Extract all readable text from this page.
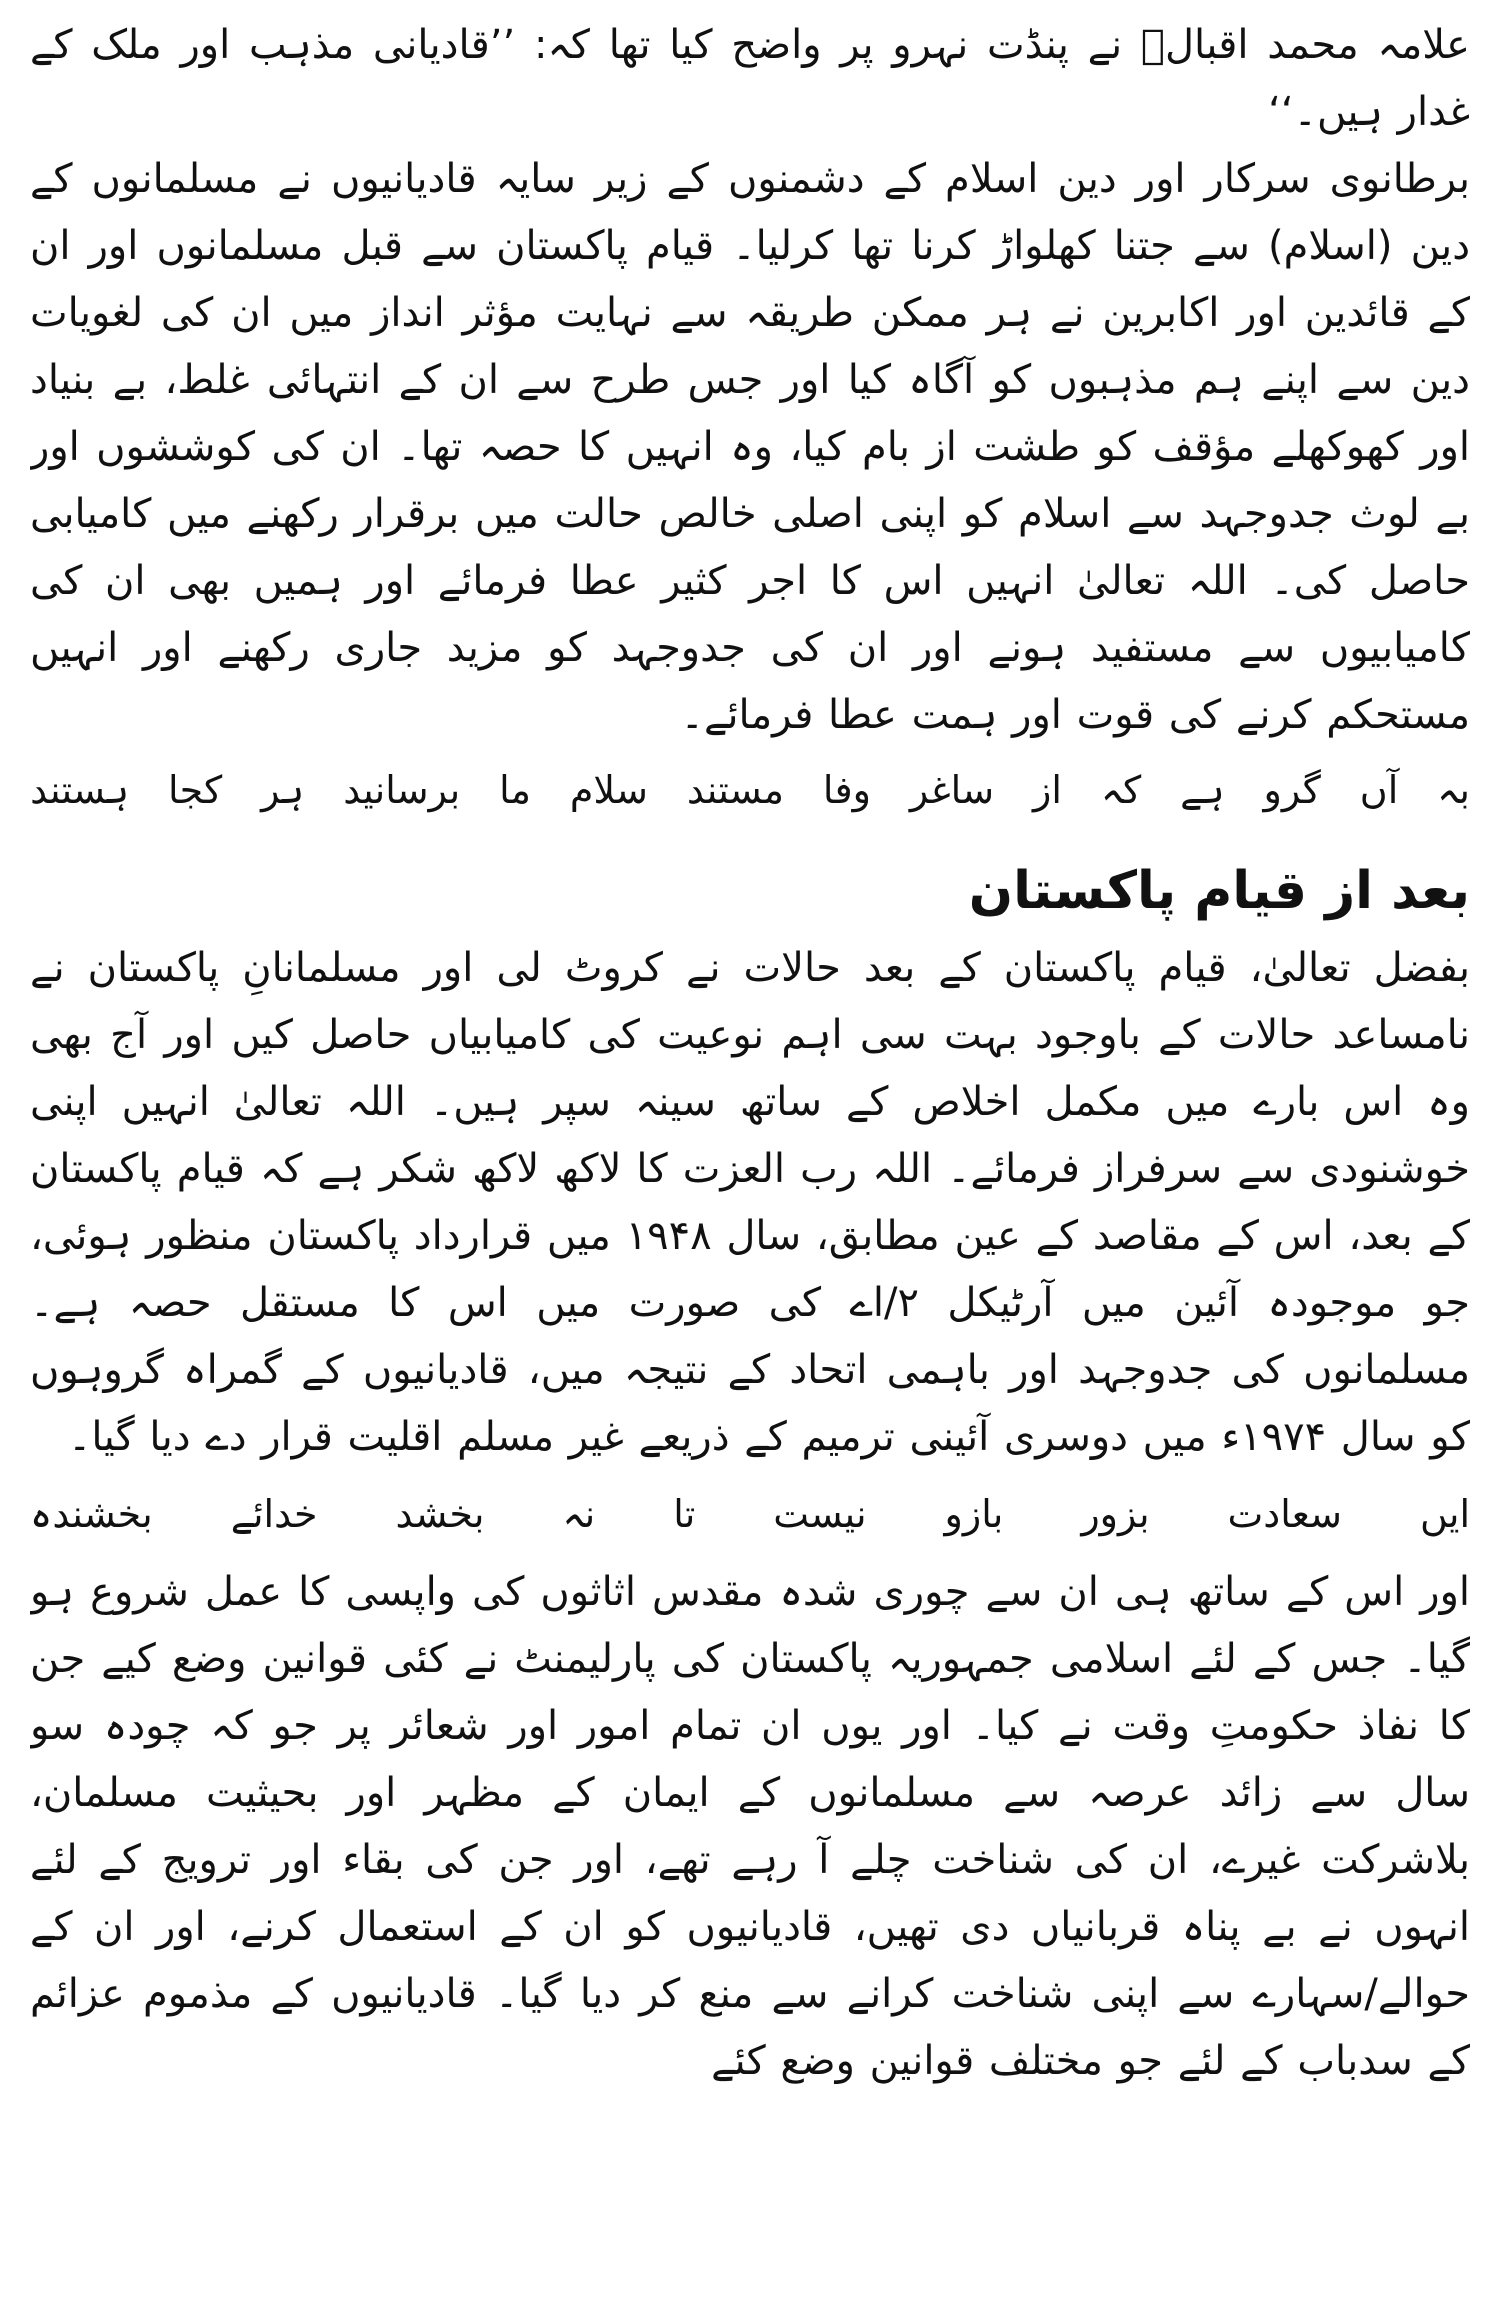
علامہ محمد اقبالؒ نے پنڈت نہرو پر واضح کیا تھا کہ: ’’قادیانی مذہب اور ملک کے غدار ہیں۔‘‘

برطانوی سرکار اور دین اسلام کے دشمنوں کے زیر سایہ قادیانیوں نے مسلمانوں کے دین (اسلام) سے جتنا کھلواڑ کرنا تھا کرلیا۔ قیام پاکستان سے قبل مسلمانوں اور ان کے قائدین اور اکابرین نے ہر ممکن طریقہ سے نہایت مؤثر انداز میں ان کی لغویات دین سے اپنے ہم مذہبوں کو آگاہ کیا اور جس طرح سے ان کے انتہائی غلط، بے بنیاد اور کھوکھلے مؤقف کو طشت از بام کیا، وہ انہیں کا حصہ تھا۔ ان کی کوششوں اور بے لوث جدوجہد سے اسلام کو اپنی اصلی خالص حالت میں برقرار رکھنے میں کامیابی حاصل کی۔ اللہ تعالیٰ انہیں اس کا اجر کثیر عطا فرمائے اور ہمیں بھی ان کی کامیابیوں سے مستفید ہونے اور ان کی جدوجہد کو مزید جاری رکھنے اور انہیں مستحکم کرنے کی قوت اور ہمت عطا فرمائے۔

بہ
آں
گرو
ہے
کہ
از
ساغر
وفا
مستند
سلام
ما
برسانید
ہر
کجا
ہستند
بعد از قیام پاکستان

بفضل تعالیٰ، قیام پاکستان کے بعد حالات نے کروٹ لی اور مسلمانانِ پاکستان نے نامساعد حالات کے باوجود بہت سی اہم نوعیت کی کامیابیاں حاصل کیں اور آج بھی وہ اس بارے میں مکمل اخلاص کے ساتھ سینہ سپر ہیں۔ اللہ تعالیٰ انہیں اپنی خوشنودی سے سرفراز فرمائے۔ اللہ رب العزت کا لاکھ لاکھ شکر ہے کہ قیام پاکستان کے بعد، اس کے مقاصد کے عین مطابق، سال ۱۹۴۸ میں قرارداد پاکستان منظور ہوئی، جو موجودہ آئین میں آرٹیکل ۲/اے کی صورت میں اس کا مستقل حصہ ہے۔ مسلمانوں کی جدوجہد اور باہمی اتحاد کے نتیجہ میں، قادیانیوں کے گمراہ گروہوں کو سال ۱۹۷۴ء میں دوسری آئینی ترمیم کے ذریعے غیر مسلم اقلیت قرار دے دیا گیا۔

ایں
سعادت
بزور
بازو
نیست
تا
نہ
بخشد
خدائے
بخشندہ

اور اس کے ساتھ ہی ان سے چوری شدہ مقدس اثاثوں کی واپسی کا عمل شروع ہو گیا۔ جس کے لئے اسلامی جمہوریہ پاکستان کی پارلیمنٹ نے کئی قوانین وضع کیے جن کا نفاذ حکومتِ وقت نے کیا۔ اور یوں ان تمام امور اور شعائر پر جو کہ چودہ سو سال سے زائد عرصہ سے مسلمانوں کے ایمان کے مظہر اور بحیثیت مسلمان، بلاشرکت غیرے، ان کی شناخت چلے آ رہے تھے، اور جن کی بقاء اور ترویج کے لئے انہوں نے بے پناہ قربانیاں دی تھیں، قادیانیوں کو ان کے استعمال کرنے، اور ان کے حوالے/سہارے سے اپنی شناخت کرانے سے منع کر دیا گیا۔ قادیانیوں کے مذموم عزائم کے سدباب کے لئے جو مختلف قوانین وضع کئے
